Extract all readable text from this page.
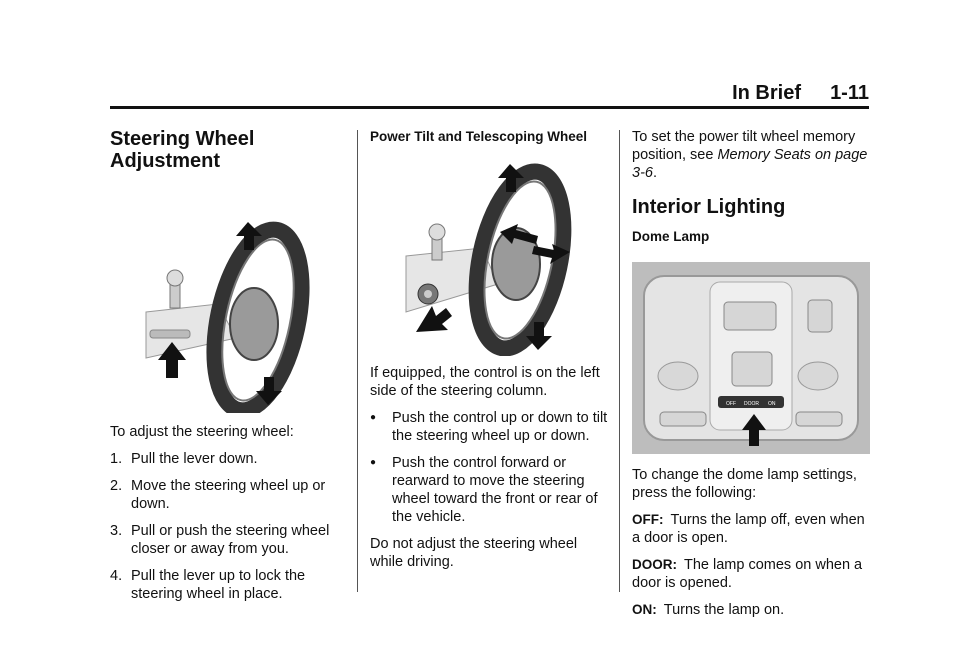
In Brief 1-11
Steering Wheel
Adjustment

To adjust the steering wheel:

1. Pull the lever down.
2. Move the steering wheel up or down.
3. Pull or push the steering wheel closer or away from you.
4. Pull the lever up to lock the steering wheel in place.
Power Tilt and Telescoping Wheel

If equipped, the control is on the left side of the steering column.

●	Push the control up or down to tilt the steering wheel up or down.
●	Push the control forward or rearward to move the steering wheel toward the front or rear of the vehicle.

Do not adjust the steering wheel while driving.

To set the power tilt wheel memory position, see Memory Seats on page 3-6.

Interior Lighting
Dome Lamp
OFF DOOR ON

To change the dome lamp settings, press the following:

OFF: Turns the lamp off, even when a door is open.

DOOR: The lamp comes on when a door is opened.

ON: Turns the lamp on.
